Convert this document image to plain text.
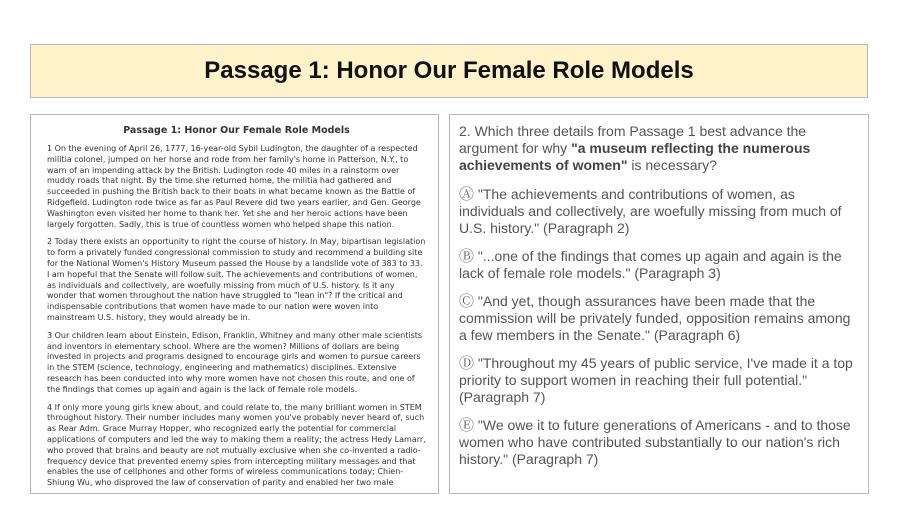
Passage 1: Honor Our Female Role Models
Passage 1: Honor Our Female Role Models

1 On the evening of April 26, 1777, 16-year-old Sybil Ludington, the daughter of a respected militia colonel, jumped on her horse and rode from her family's home in Patterson, N.Y., to warn of an impending attack by the British. Ludington rode 40 miles in a rainstorm over muddy roads that night. By the time she returned home, the militia had gathered and succeeded in pushing the British back to their boats in what became known as the Battle of Ridgefield. Ludington rode twice as far as Paul Revere did two years earlier, and Gen. George Washington even visited her home to thank her. Yet she and her heroic actions have been largely forgotten. Sadly, this is true of countless women who helped shape this nation.

2 Today there exists an opportunity to right the course of history. In May, bipartisan legislation to form a privately funded congressional commission to study and recommend a building site for the National Women's History Museum passed the House by a landslide vote of 383 to 33. I am hopeful that the Senate will follow suit. The achievements and contributions of women, as individuals and collectively, are woefully missing from much of U.S. history. Is it any wonder that women throughout the nation have struggled to "lean in"? If the critical and indispensable contributions that women have made to our nation were woven into mainstream U.S. history, they would already be in.

3 Our children learn about Einstein, Edison, Franklin, Whitney and many other male scientists and inventors in elementary school. Where are the women? Millions of dollars are being invested in projects and programs designed to encourage girls and women to pursue careers in the STEM (science, technology, engineering and mathematics) disciplines. Extensive research has been conducted into why more women have not chosen this route, and one of the findings that comes up again and again is the lack of female role models.

4 If only more young girls knew about, and could relate to, the many brilliant women in STEM throughout history. Their number includes many women you've probably never heard of, such as Rear Adm. Grace Murray Hopper, who recognized early the potential for commercial applications of computers and led the way to making them a reality; the actress Hedy Lamarr, who proved that brains and beauty are not mutually exclusive when she co-invented a radio-frequency device that prevented enemy spies from intercepting military messages and that enables the use of cellphones and other forms of wireless communications today; Chien-Shiung Wu, who disproved the law of conservation of parity and enabled her two male

2. Which three details from Passage 1 best advance the argument for why "a museum reflecting the numerous achievements of women" is necessary?
Ⓐ "The achievements and contributions of women, as individuals and collectively, are woefully missing from much of U.S. history." (Paragraph 2)
Ⓑ "...one of the findings that comes up again and again is the lack of female role models." (Paragraph 3)
Ⓒ "And yet, though assurances have been made that the commission will be privately funded, opposition remains among a few members in the Senate." (Paragraph 6)
Ⓓ "Throughout my 45 years of public service, I've made it a top priority to support women in reaching their full potential." (Paragraph 7)
Ⓔ "We owe it to future generations of Americans - and to those women who have contributed substantially to our nation's rich history." (Paragraph 7)
